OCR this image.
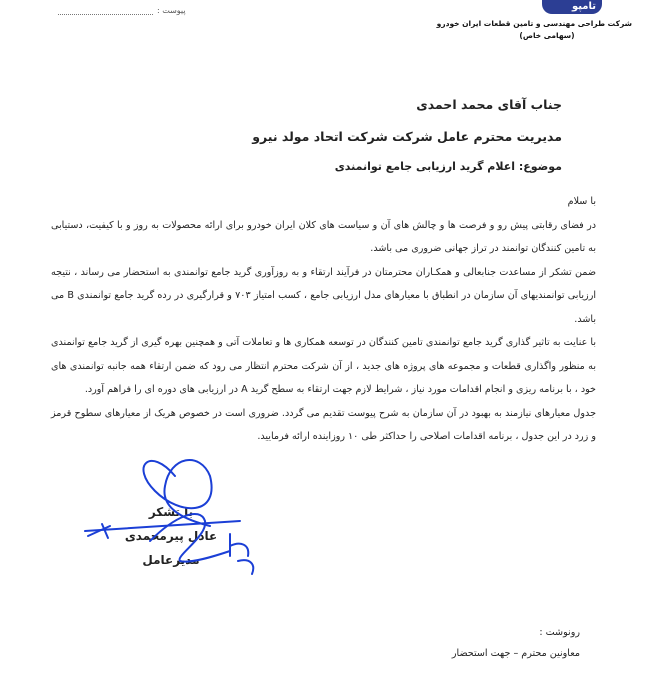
پیوست :	تامپو
شرکت طراحی مهندسی و تامین قطعات ایران خودرو
(سهامی خاص)
جناب آقای محمد احمدی
مدیریت محترم عامل شرکت شرکت اتحاد مولد نیرو
موضوع: اعلام گرید ارزیابی جامع توانمندی

با سلام

در فضای رقابتی پیش رو و فرصت ها و چالش های آن و سیاست های کلان ایران خودرو برای ارائه محصولات به روز و با کیفیت، دستیابی به تامین کنندگان توانمند در تراز جهانی ضروری می باشد.

ضمن تشکر از مساعدت جنابعالی و همکـاران محترمتان در فرآیند ارتقاء و به روزآوری گرید جامع توانمندی به استحضار می رساند ، نتیجه ارزیابی توانمندیهای آن سازمان در انطباق با معیارهای مدل ارزیابی جامع ، کسب امتیاز ۷۰۳ و قرارگیری در رده گرید جامع توانمندی B می باشد.

با عنایت به تاثیر گذاری گرید جامع توانمندی تامین کنندگان در توسعه همکاری ها و تعاملات آتی و همچنین بهره گیری از گرید جامع توانمندی به منظور واگذاری قطعات و مجموعه های پروژه های جدید ، از آن شرکت محترم انتظار می رود که ضمن ارتقاء همه جانبه توانمندی های خود ، با برنامه ریزی و انجام اقدامات مورد نیاز ، شرایط لازم جهت ارتقاء به سطح گرید A در ارزیابی های دوره ای را فراهم آورد.

جدول معیارهای نیازمند به بهبود در آن سازمان به شرح پیوست تقدیم می گردد. ضروری است در خصوص هریک از معیارهای سطوح قرمز و زرد در این جدول ، برنامه اقدامات اصلاحی را حداکثر طی ۱۰ روزاینده ارائه فرمایید.

با تشکر
عادل پیرمحمدی
مدیرعامل
رونوشت :
معاونین محترم – جهت استحضار
